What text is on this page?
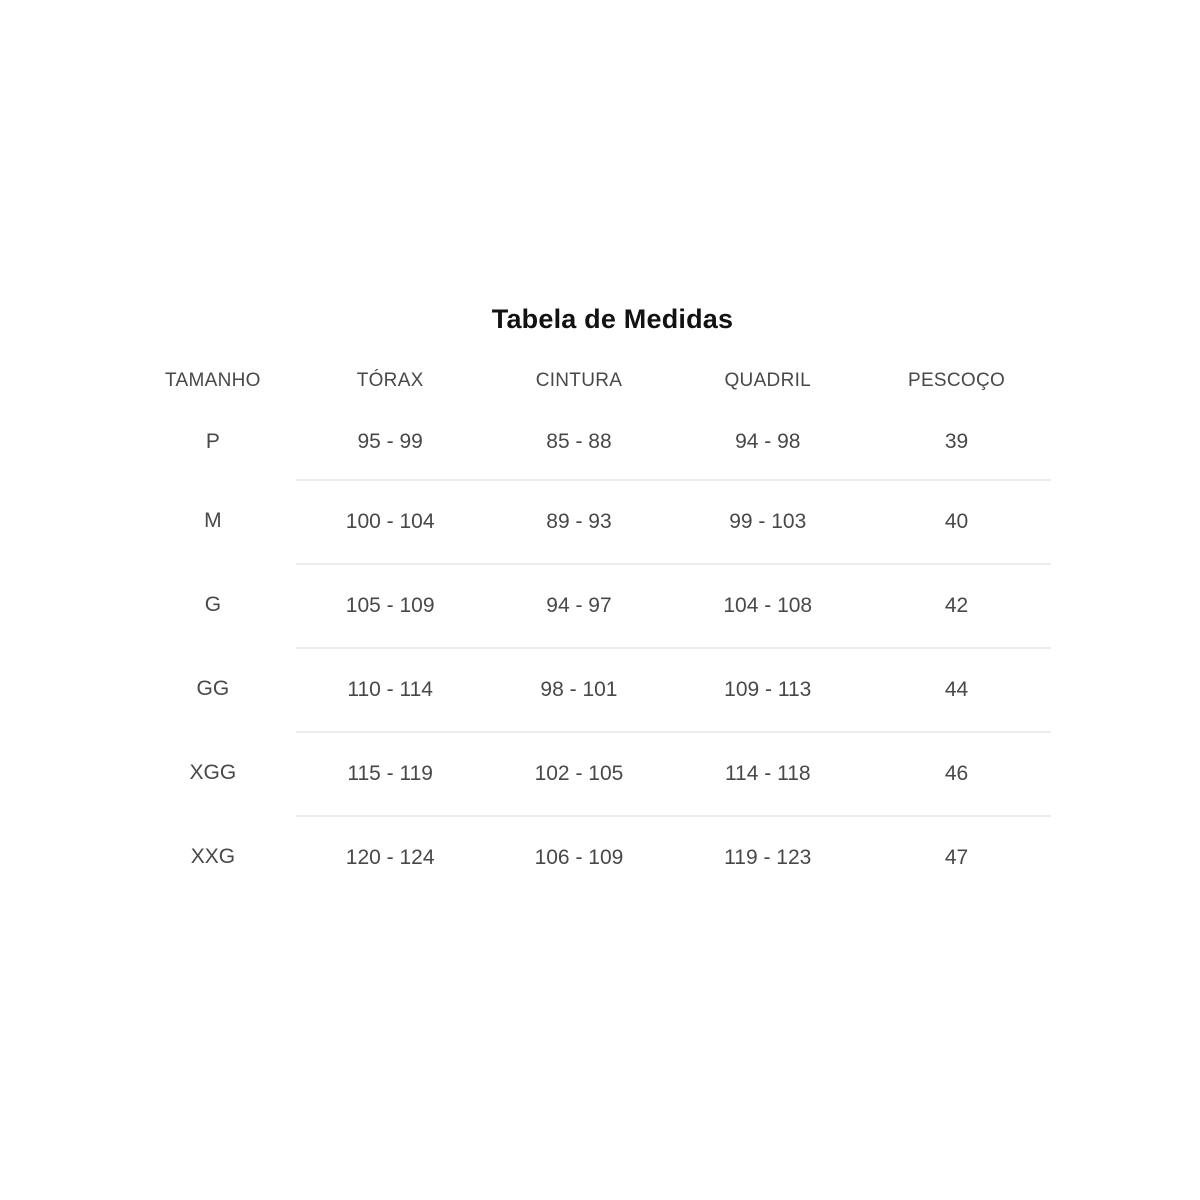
Tabela de Medidas
TAMANHO	TÓRAX	CINTURA	QUADRIL	PESCOÇO
P	95 - 99	85 - 88	94 - 98	39
M	100 - 104	89 - 93	99 - 103	40
G	105 - 109	94 - 97	104 - 108	42
GG	110 - 114	98 - 101	109 - 113	44
XGG	115 - 119	102 - 105	114 - 118	46
XXG	120 - 124	106 - 109	119 - 123	47
